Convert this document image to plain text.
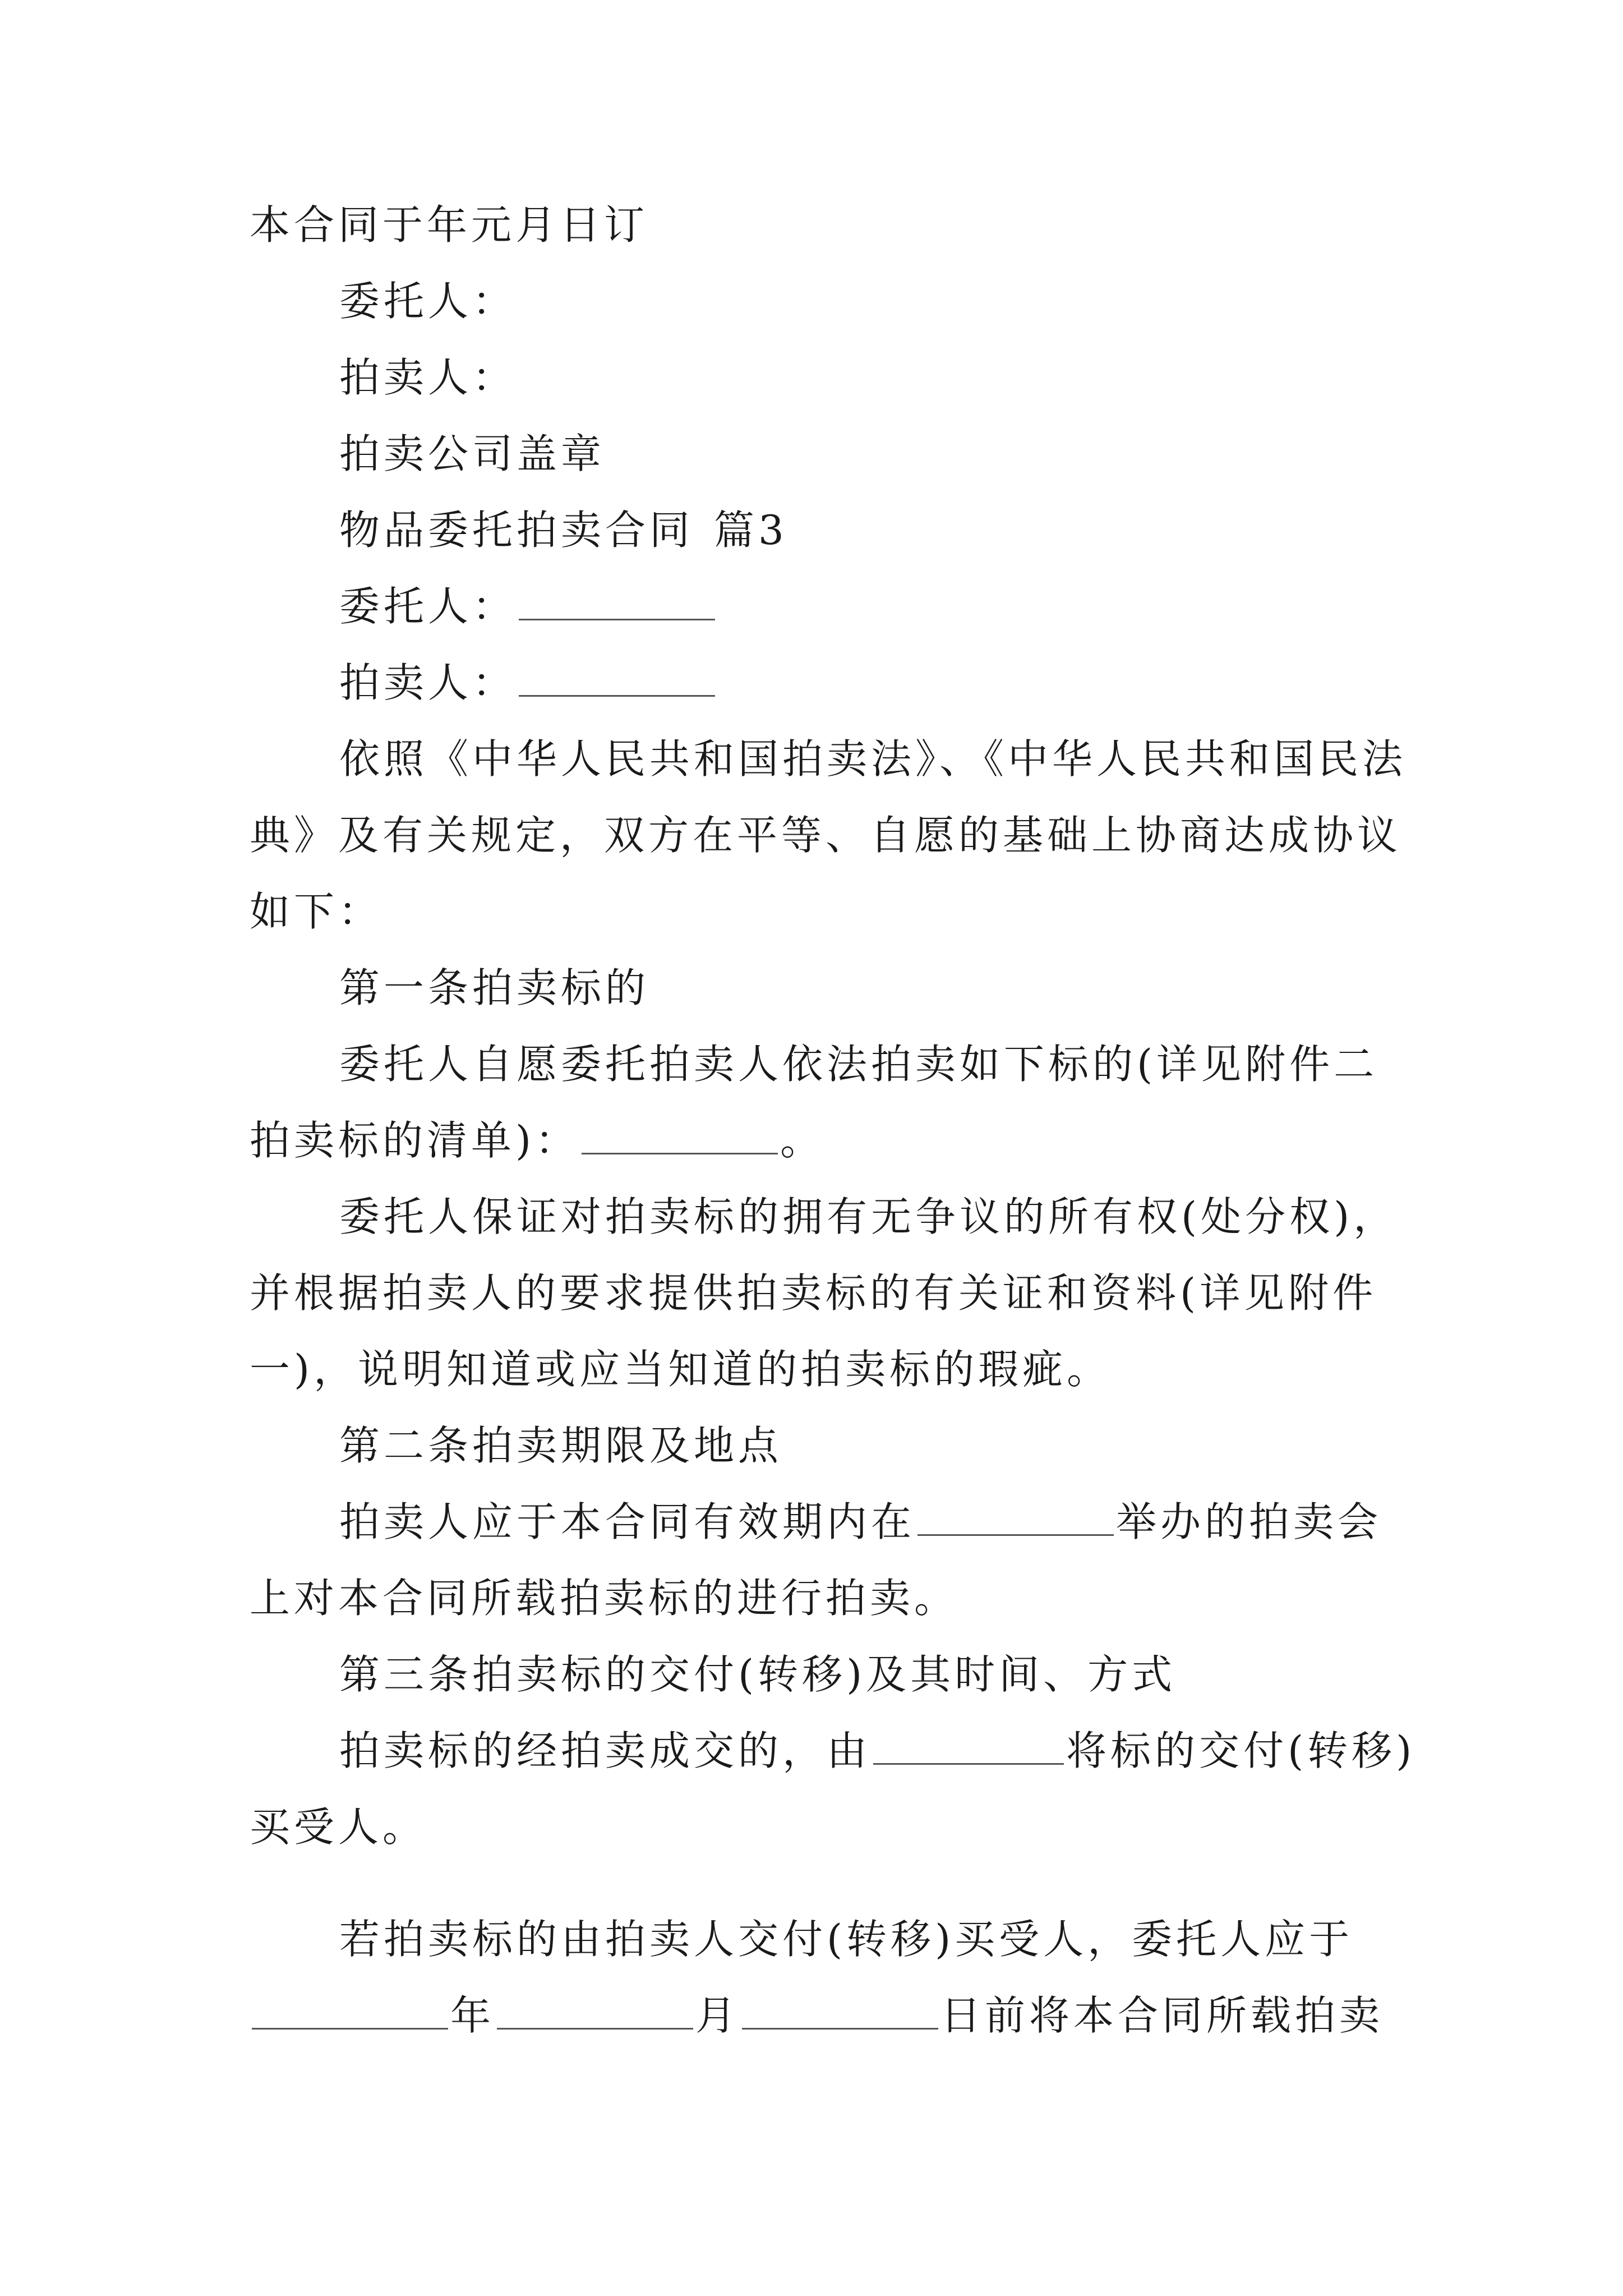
本合同于年元月日订
委托人：
拍卖人：
拍卖公司盖章
物品委托拍卖合同 篇3
委托人：
拍卖人：
依照《中华人民共和国拍卖法》、《中华人民共和国民法
典》及有关规定，双方在平等、自愿的基础上协商达成协议
如下：
第一条拍卖标的
委托人自愿委托拍卖人依法拍卖如下标的(详见附件二
拍卖标的清单)：	。
委托人保证对拍卖标的拥有无争议的所有权(处分权)，
并根据拍卖人的要求提供拍卖标的有关证和资料(详见附件
一)，说明知道或应当知道的拍卖标的瑕疵。
第二条拍卖期限及地点
拍卖人应于本合同有效期内在	举办的拍卖会
上对本合同所载拍卖标的进行拍卖。
第三条拍卖标的交付(转移)及其时间、方式
拍卖标的经拍卖成交的，由	将标的交付(转移)
买受人。
若拍卖标的由拍卖人交付(转移)买受人，委托人应于
年	月	日前将本合同所载拍卖
